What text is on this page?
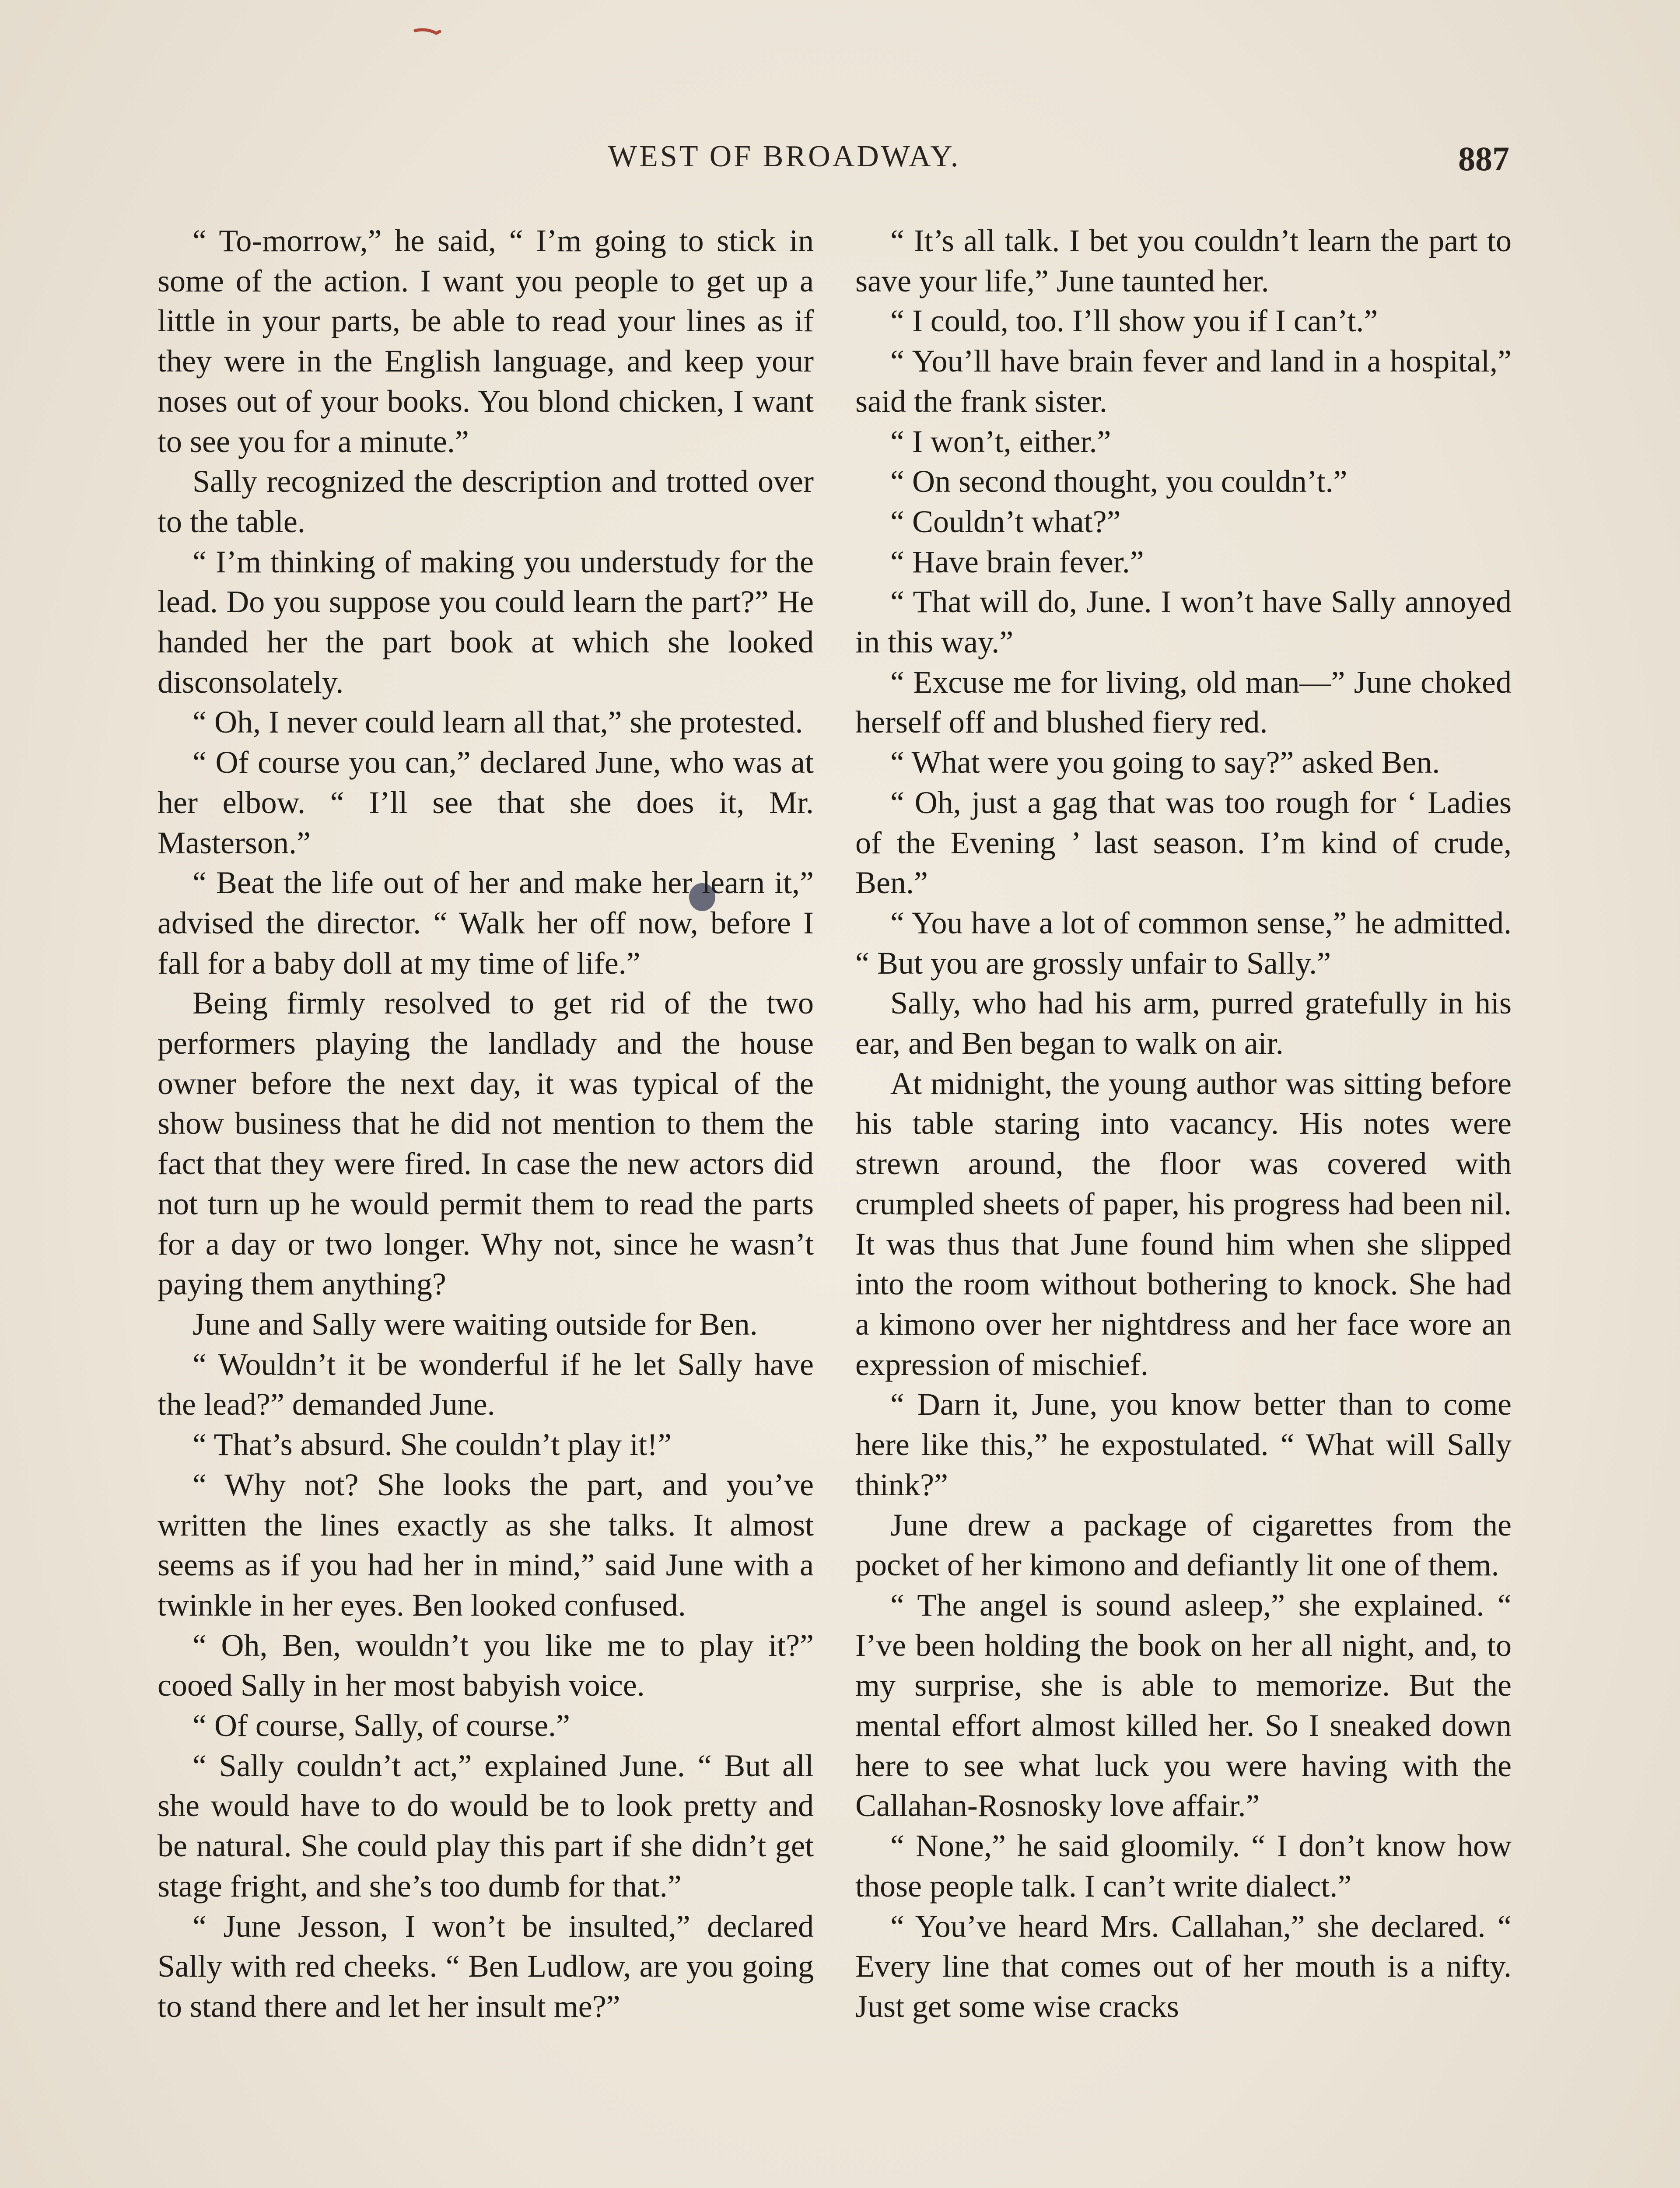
WEST OF BROADWAY.	887

“ To-morrow,” he said, “ I’m going to stick in some of the action. I want you people to get up a little in your parts, be able to read your lines as if they were in the English language, and keep your noses out of your books. You blond chicken, I want to see you for a minute.”

Sally recognized the description and trotted over to the table.

“ I’m thinking of making you understudy for the lead. Do you suppose you could learn the part?” He handed her the part book at which she looked disconsolately.

“ Oh, I never could learn all that,” she protested.

“ Of course you can,” declared June, who was at her elbow. “ I’ll see that she does it, Mr. Masterson.”

“ Beat the life out of her and make her learn it,” advised the director. “ Walk her off now, before I fall for a baby doll at my time of life.”

Being firmly resolved to get rid of the two performers playing the landlady and the house owner before the next day, it was typical of the show business that he did not mention to them the fact that they were fired. In case the new actors did not turn up he would permit them to read the parts for a day or two longer. Why not, since he wasn’t paying them anything?

June and Sally were waiting outside for Ben.

“ Wouldn’t it be wonderful if he let Sally have the lead?” demanded June.

“ That’s absurd. She couldn’t play it!”

“ Why not? She looks the part, and you’ve written the lines exactly as she talks. It almost seems as if you had her in mind,” said June with a twinkle in her eyes. Ben looked confused.

“ Oh, Ben, wouldn’t you like me to play it?” cooed Sally in her most babyish voice.

“ Of course, Sally, of course.”

“ Sally couldn’t act,” explained June. “ But all she would have to do would be to look pretty and be natural. She could play this part if she didn’t get stage fright, and she’s too dumb for that.”

“ June Jesson, I won’t be insulted,” declared Sally with red cheeks. “ Ben Ludlow, are you going to stand there and let her insult me?”

“ It’s all talk. I bet you couldn’t learn the part to save your life,” June taunted her.

“ I could, too. I’ll show you if I can’t.”

“ You’ll have brain fever and land in a hospital,” said the frank sister.

“ I won’t, either.”

“ On second thought, you couldn’t.”

“ Couldn’t what?”

“ Have brain fever.”

“ That will do, June. I won’t have Sally annoyed in this way.”

“ Excuse me for living, old man—” June choked herself off and blushed fiery red.

“ What were you going to say?” asked Ben.

“ Oh, just a gag that was too rough for ‘ Ladies of the Evening ’ last season. I’m kind of crude, Ben.”

“ You have a lot of common sense,” he admitted. “ But you are grossly unfair to Sally.”

Sally, who had his arm, purred gratefully in his ear, and Ben began to walk on air.

At midnight, the young author was sitting before his table staring into vacancy. His notes were strewn around, the floor was covered with crumpled sheets of paper, his progress had been nil. It was thus that June found him when she slipped into the room without bothering to knock. She had a kimono over her nightdress and her face wore an expression of mischief.

“ Darn it, June, you know better than to come here like this,” he expostulated. “ What will Sally think?”

June drew a package of cigarettes from the pocket of her kimono and defiantly lit one of them.

“ The angel is sound asleep,” she explained. “ I’ve been holding the book on her all night, and, to my surprise, she is able to memorize. But the mental effort almost killed her. So I sneaked down here to see what luck you were having with the Callahan-Rosnosky love affair.”

“ None,” he said gloomily. “ I don’t know how those people talk. I can’t write dialect.”

“ You’ve heard Mrs. Callahan,” she declared. “ Every line that comes out of her mouth is a nifty. Just get some wise cracks
